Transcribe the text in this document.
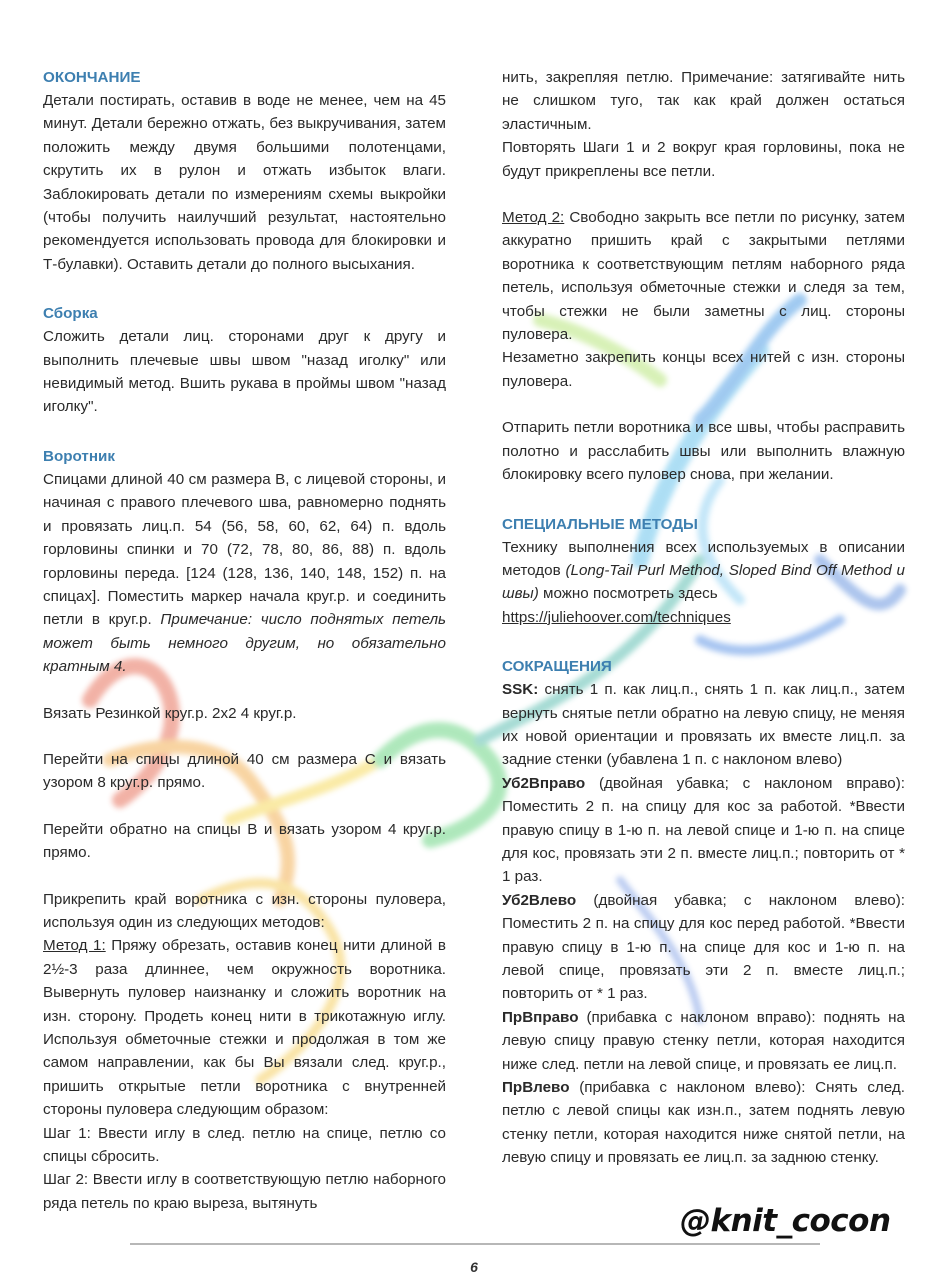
ОКОНЧАНИЕ

Детали постирать, оставив в воде не менее, чем на 45 минут. Детали бережно отжать, без выкручивания, затем положить между двумя большими полотенцами, скрутить их в рулон и отжать избыток влаги. Заблокировать детали по измерениям схемы выкройки (чтобы получить наилучший результат, настоятельно рекомендуется использовать провода для блокировки и Т-булавки). Оставить детали до полного высыхания.

Сборка

Сложить детали лиц. сторонами друг к другу и выполнить плечевые швы швом "назад иголку" или невидимый метод. Вшить рукава в проймы швом "назад иголку".

Воротник

Спицами длиной 40 см размера В, с лицевой стороны, и начиная с правого плечевого шва, равномерно поднять и провязать лиц.п. 54 (56, 58, 60, 62, 64) п. вдоль горловины спинки и 70 (72, 78, 80, 86, 88) п. вдоль горловины переда. [124 (128, 136, 140, 148, 152) п. на спицах]. Поместить маркер начала круг.р. и соединить петли в круг.р. Примечание: число поднятых петель может быть немного другим, но обязательно кратным 4.

Вязать Резинкой круг.р. 2х2 4 круг.р.

Перейти на спицы длиной 40 см размера С и вязать узором 8 круг.р. прямо.

Перейти обратно на спицы В и вязать узором 4 круг.р. прямо.

Прикрепить край воротника с изн. стороны пуловера, используя один из следующих методов:

Метод 1: Пряжу обрезать, оставив конец нити длиной в 2½-3 раза длиннее, чем окружность воротника. Вывернуть пуловер наизнанку и сложить воротник на изн. сторону. Продеть конец нити в трикотажную иглу. Используя обметочные стежки и продолжая в том же самом направлении, как бы Вы вязали след. круг.р., пришить открытые петли воротника с внутренней стороны пуловера следующим образом:

Шаг 1: Ввести иглу в след. петлю на спице, петлю со спицы сбросить.

Шаг 2: Ввести иглу в соответствующую петлю наборного ряда петель по краю выреза, вытянуть

нить, закрепляя петлю. Примечание: затягивайте нить не слишком туго, так как край должен остаться эластичным.

Повторять Шаги 1 и 2 вокруг края горловины, пока не будут прикреплены все петли.

Метод 2: Свободно закрыть все петли по рисунку, затем аккуратно пришить край с закрытыми петлями воротника к соответствующим петлям наборного ряда петель, используя обметочные стежки и следя за тем, чтобы стежки не были заметны с лиц. стороны пуловера.

Незаметно закрепить концы всех нитей с изн. стороны пуловера.

Отпарить петли воротника и все швы, чтобы расправить полотно и расслабить швы или выполнить влажную блокировку всего пуловер снова, при желании.

СПЕЦИАЛЬНЫЕ МЕТОДЫ

Технику выполнения всех используемых в описании методов (Long-Tail Purl Method, Sloped Bind Off Method и швы) можно посмотреть здесь
https://juliehoover.com/techniques

СОКРАЩЕНИЯ

SSK: снять 1 п. как лиц.п., снять 1 п. как лиц.п., затем вернуть снятые петли обратно на левую спицу, не меняя их новой ориентации и провязать их вместе лиц.п. за задние стенки (убавлена 1 п. с наклоном влево)

Уб2Вправо (двойная убавка; с наклоном вправо): Поместить 2 п. на спицу для кос за работой. *Ввести правую спицу в 1-ю п. на левой спице и 1-ю п. на спице для кос, провязать эти 2 п. вместе лиц.п.; повторить от * 1 раз.

Уб2Влево (двойная убавка; с наклоном влево): Поместить 2 п. на спицу для кос перед работой. *Ввести правую спицу в 1-ю п. на спице для кос и 1-ю п. на левой спице, провязать эти 2 п. вместе лиц.п.; повторить от * 1 раз.

ПрВправо (прибавка с наклоном вправо): поднять на левую спицу правую стенку петли, которая находится ниже след. петли на левой спице, и провязать ее лиц.п.

ПрВлево (прибавка с наклоном влево): Снять след. петлю с левой спицы как изн.п., затем поднять левую стенку петли, которая находится ниже снятой петли, на левую спицу и провязать ее лиц.п. за заднюю стенку.

6
@knit_cocon
